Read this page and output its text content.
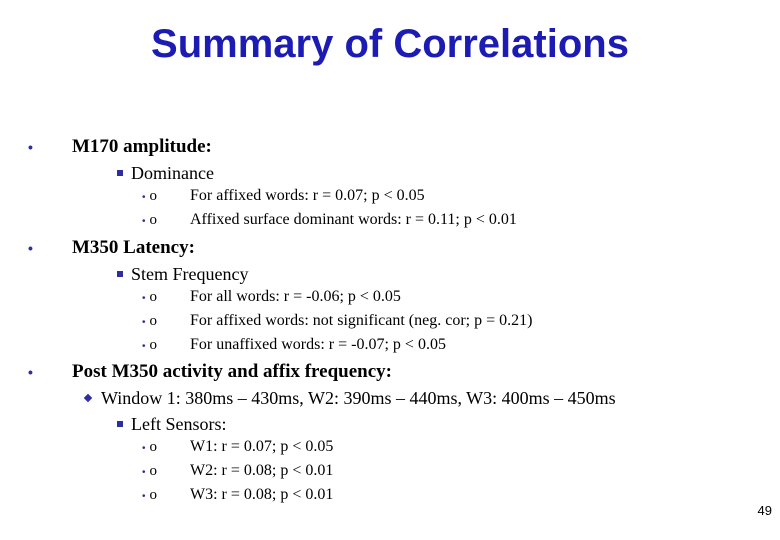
Summary of Correlations
• M170 amplitude:
Dominance
• o For affixed words: r = 0.07; p < 0.05
• o Affixed surface dominant words: r = 0.11; p < 0.01
• M350 Latency:
Stem Frequency
• o For all words: r = -0.06; p < 0.05
• o For affixed words: not significant (neg. cor; p = 0.21)
• o For unaffixed words: r = -0.07; p < 0.05
• Post M350 activity and affix frequency:
Window 1: 380ms – 430ms, W2: 390ms – 440ms, W3: 400ms – 450ms
Left Sensors:
• o W1: r = 0.07; p < 0.05
• o W2: r = 0.08; p < 0.01
• o W3: r = 0.08; p < 0.01
49
